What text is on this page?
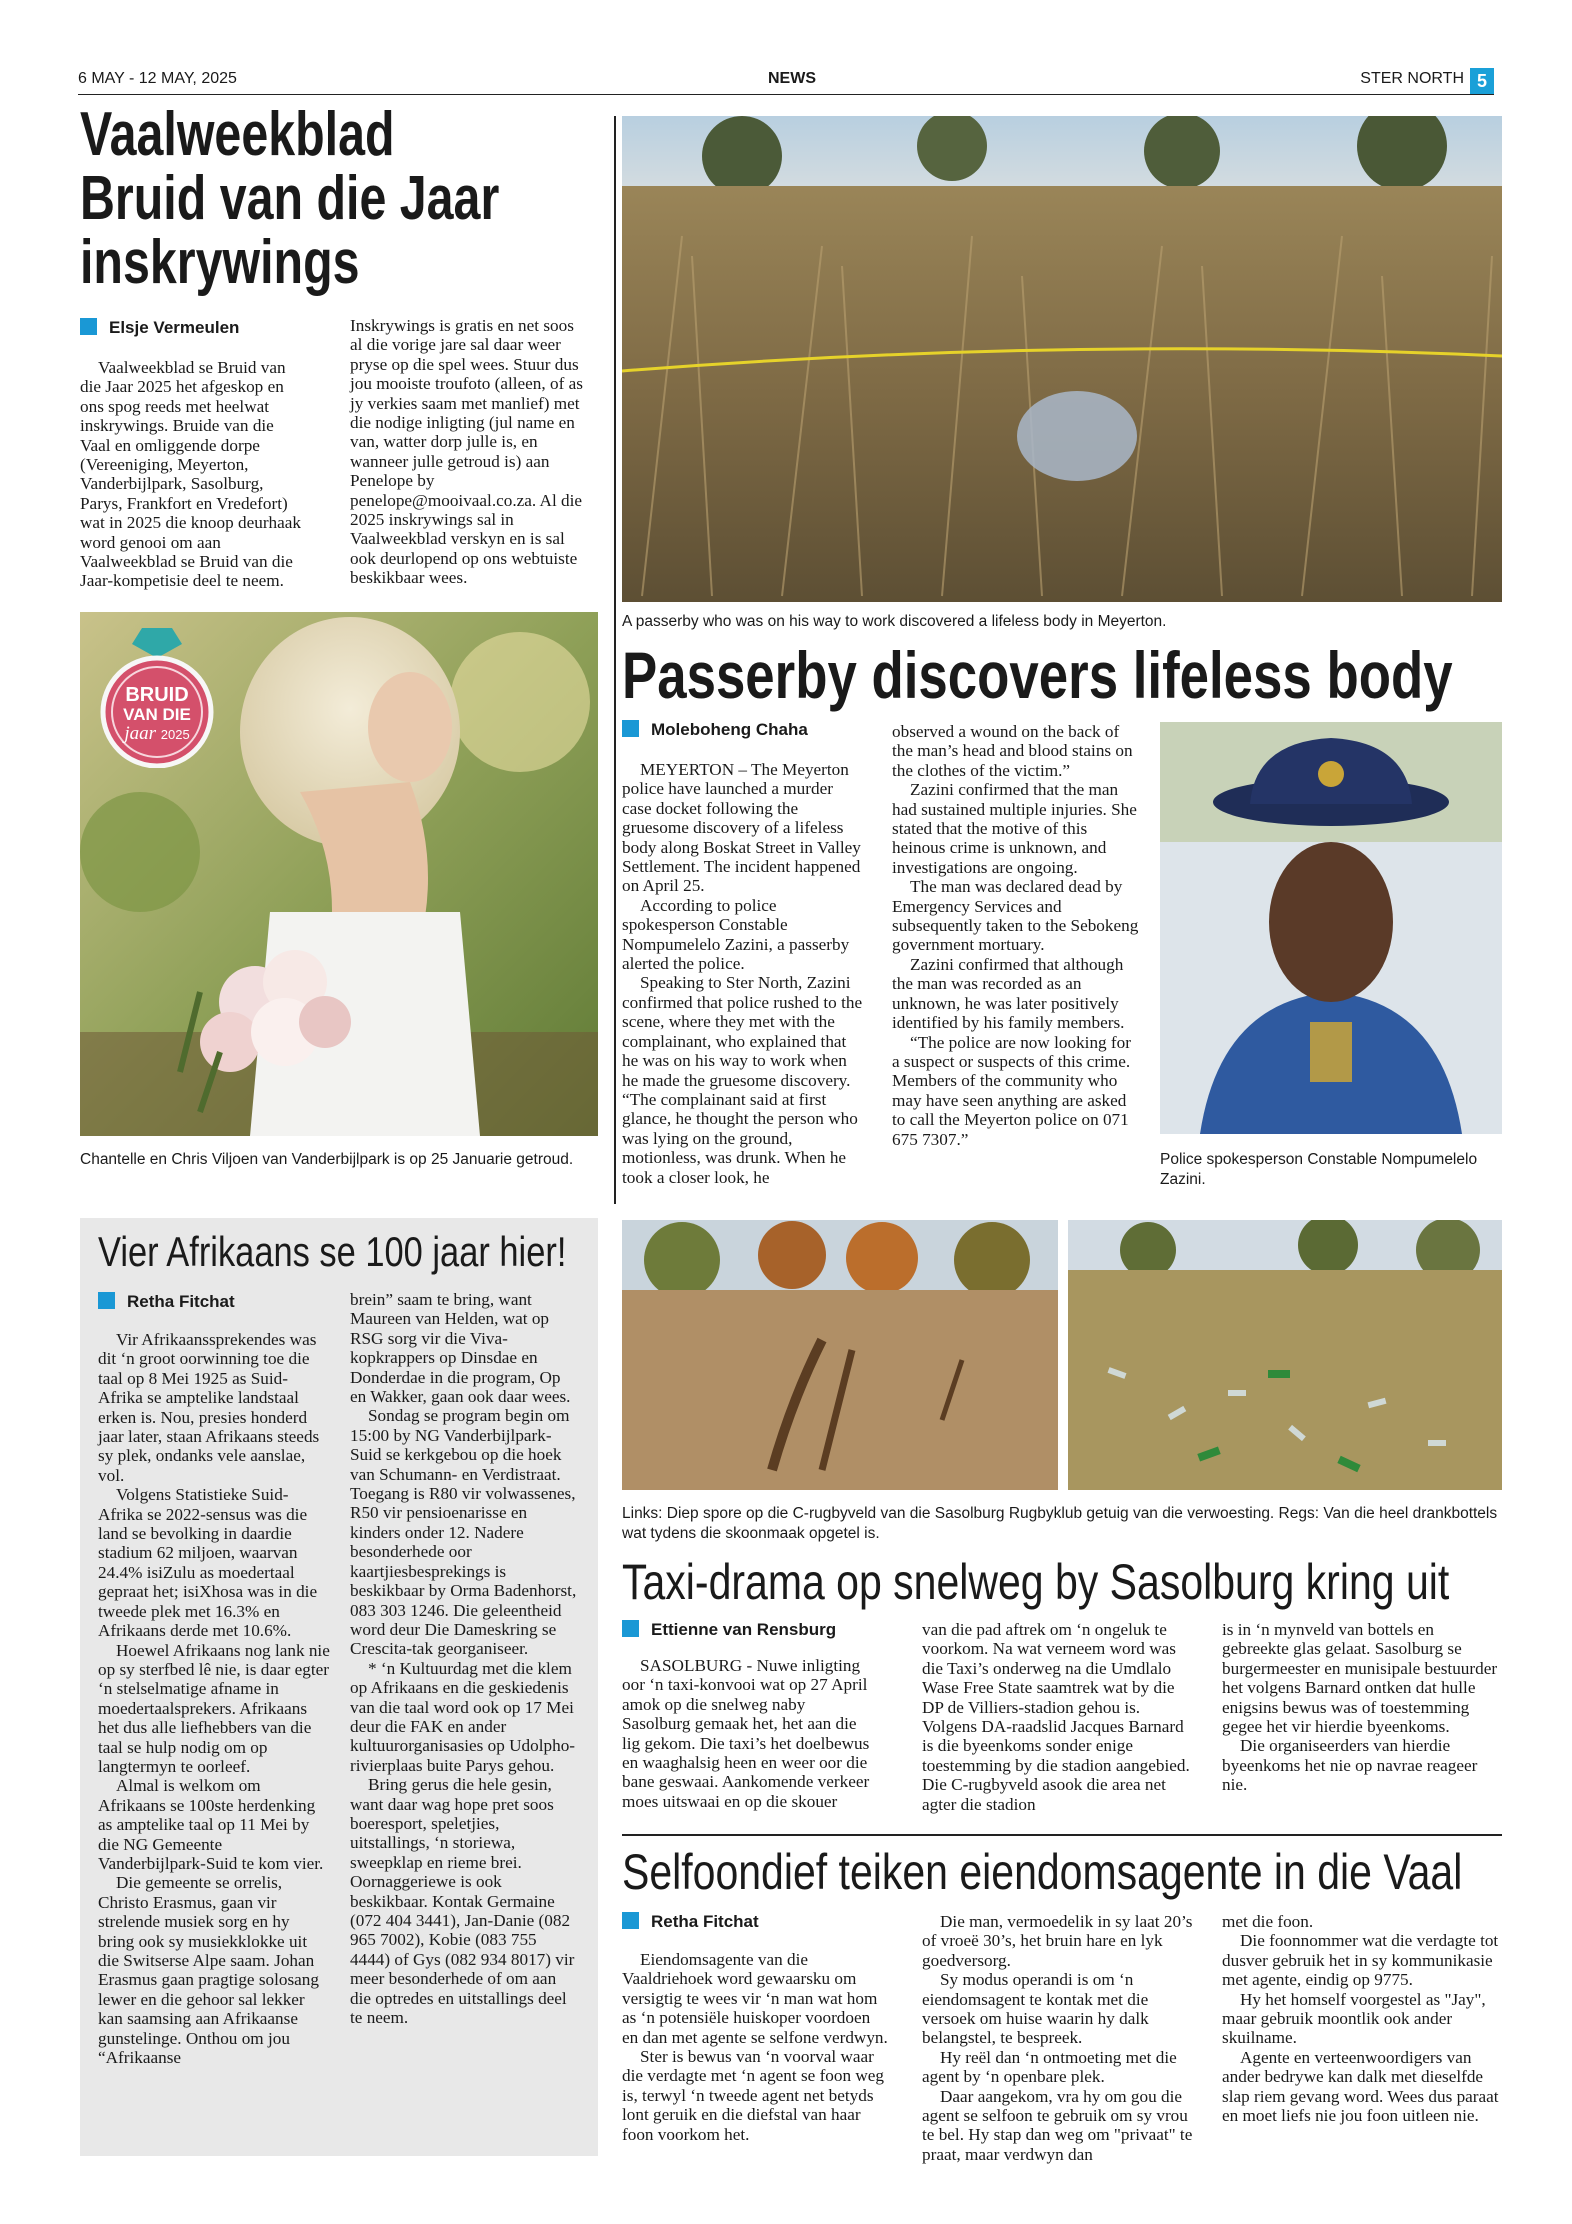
6 MAY - 12 MAY, 2025	NEWS	STER NORTH 5
Vaalweekblad
Bruid van die Jaar
inskrywings
Elsje Vermeulen

Vaalweekblad se Bruid van die Jaar 2025 het afgeskop en ons spog reeds met heelwat inskrywings. Bruide van die Vaal en omliggende dorpe (Vereeniging, Meyerton, Vanderbijlpark, Sasolburg, Parys, Frankfort en Vredefort) wat in 2025 die knoop deurhaak word genooi om aan Vaalweekblad se Bruid van die Jaar-kompetisie deel te neem.

Inskrywings is gratis en net soos al die vorige jare sal daar weer pryse op die spel wees. Stuur dus jou mooiste troufoto (alleen, of as jy verkies saam met manlief) met die nodige inligting (jul name en van, watter dorp julle is, en wanneer julle getroud is) aan Penelope by penelope@mooivaal.co.za. Al die 2025 inskrywings sal in Vaalweekblad verskyn en is sal ook deurlopend op ons webtuiste beskikbaar wees.

BRUID
VAN DIE
jaar 2025
Chantelle en Chris Viljoen van Vanderbijlpark is op 25 Januarie getroud.
A passerby who was on his way to work discovered a lifeless body in Meyerton.
Passerby discovers lifeless body
Moleboheng Chaha

MEYERTON – The Meyerton police have launched a murder case docket following the gruesome discovery of a lifeless body along Boskat Street in Valley Settlement. The incident happened on April 25.

According to police spokesperson Constable Nompumelelo Zazini, a passerby alerted the police.

Speaking to Ster North, Zazini confirmed that police rushed to the scene, where they met with the complainant, who explained that he was on his way to work when he made the gruesome discovery. “The complainant said at first glance, he thought the person who was lying on the ground, motionless, was drunk. When he took a closer look, he

observed a wound on the back of the man’s head and blood stains on the clothes of the victim.”

Zazini confirmed that the man had sustained multiple injuries. She stated that the motive of this heinous crime is unknown, and investigations are ongoing.

The man was declared dead by Emergency Services and subsequently taken to the Sebokeng government mortuary.

Zazini confirmed that although the man was recorded as an unknown, he was later positively identified by his family members.

“The police are now looking for a suspect or suspects of this crime. Members of the community who may have seen anything are asked to call the Meyerton police on 071 675 7307.”

Police spokesperson Constable Nompumelelo Zazini.
Vier Afrikaans se 100 jaar hier!
Retha Fitchat

Vir Afrikaanssprekendes was dit ‘n groot oorwinning toe die taal op 8 Mei 1925 as Suid-Afrika se amptelike landstaal erken is. Nou, presies honderd jaar later, staan Afrikaans steeds sy plek, ondanks vele aanslae, vol.

Volgens Statistieke Suid-Afrika se 2022-sensus was die land se bevolking in daardie stadium 62 miljoen, waarvan 24.4% isiZulu as moedertaal gepraat het; isiXhosa was in die tweede plek met 16.3% en Afrikaans derde met 10.6%.

Hoewel Afrikaans nog lank nie op sy sterfbed lê nie, is daar egter ‘n stelselmatige afname in moedertaalsprekers. Afrikaans het dus alle liefhebbers van die taal se hulp nodig om op langtermyn te oorleef.

Almal is welkom om Afrikaans se 100ste herdenking as amptelike taal op 11 Mei by die NG Gemeente Vanderbijlpark-Suid te kom vier.

Die gemeente se orrelis, Christo Erasmus, gaan vir strelende musiek sorg en hy bring ook sy musiekklokke uit die Switserse Alpe saam. Johan Erasmus gaan pragtige solosang lewer en die gehoor sal lekker kan saamsing aan Afrikaanse gunstelinge. Onthou om jou “Afrikaanse

brein” saam te bring, want Maureen van Helden, wat op RSG sorg vir die Viva-kopkrappers op Dinsdae en Donderdae in die program, Op en Wakker, gaan ook daar wees.

Sondag se program begin om 15:00 by NG Vanderbijlpark-Suid se kerkgebou op die hoek van Schumann- en Verdistraat. Toegang is R80 vir volwassenes, R50 vir pensioenarisse en kinders onder 12. Nadere besonderhede oor kaartjiesbesprekings is beskikbaar by Orma Badenhorst, 083 303 1246. Die geleentheid word deur Die Dameskring se Crescita-tak georganiseer.

* ‘n Kultuurdag met die klem op Afrikaans en die geskiedenis van die taal word ook op 17 Mei deur die FAK en ander kultuurorganisasies op Udolpho-rivierplaas buite Parys gehou.

Bring gerus die hele gesin, want daar wag hope pret soos boeresport, speletjies, uitstallings, ‘n storiewa, sweepklap en rieme brei. Oornaggeriewe is ook beskikbaar. Kontak Germaine (072 404 3441), Jan-Danie (082 965 7002), Kobie (083 755 4444) of Gys (082 934 8017) vir meer besonderhede of om aan die optredes en uitstallings deel te neem.

Links: Diep spore op die C-rugbyveld van die Sasolburg Rugbyklub getuig van die verwoesting. Regs: Van die heel drankbottels wat tydens die skoonmaak opgetel is.
Taxi-drama op snelweg by Sasolburg kring uit
Ettienne van Rensburg

SASOLBURG - Nuwe inligting oor ‘n taxi-konvooi wat op 27 April amok op die snelweg naby Sasolburg gemaak het, het aan die lig gekom. Die taxi’s het doelbewus en waaghalsig heen en weer oor die bane geswaai. Aankomende verkeer moes uitswaai en op die skouer

van die pad aftrek om ‘n ongeluk te voorkom. Na wat verneem word was die Taxi’s onderweg na die Umdlalo Wase Free State saamtrek wat by die DP de Villiers-stadion gehou is. Volgens DA-raadslid Jacques Barnard is die byeenkoms sonder enige toestemming by die stadion aangebied. Die C-rugbyveld asook die area net agter die stadion

is in ‘n mynveld van bottels en gebreekte glas gelaat. Sasolburg se burgermeester en munisipale bestuurder het volgens Barnard ontken dat hulle enigsins bewus was of toestemming gegee het vir hierdie byeenkoms.

Die organiseerders van hierdie byeenkoms het nie op navrae reageer nie.

Selfoondief teiken eiendomsagente in die Vaal
Retha Fitchat

Eiendomsagente van die Vaaldriehoek word gewaarsku om versigtig te wees vir ‘n man wat hom as ‘n potensiële huiskoper voordoen en dan met agente se selfone verdwyn.

Ster is bewus van ‘n voorval waar die verdagte met ‘n agent se foon weg is, terwyl ‘n tweede agent net betyds lont geruik en die diefstal van haar foon voorkom het.

Die man, vermoedelik in sy laat 20’s of vroeë 30’s, het bruin hare en lyk goedversorg.

Sy modus operandi is om ‘n eiendomsagent te kontak met die versoek om huise waarin hy dalk belangstel, te bespreek.

Hy reël dan ‘n ontmoeting met die agent by ‘n openbare plek.

Daar aangekom, vra hy om gou die agent se selfoon te gebruik om sy vrou te bel. Hy stap dan weg om "privaat" te praat, maar verdwyn dan

met die foon.

Die foonnommer wat die verdagte tot dusver gebruik het in sy kommunikasie met agente, eindig op 9775.

Hy het homself voorgestel as "Jay", maar gebruik moontlik ook ander skuilname.

Agente en verteenwoordigers van ander bedrywe kan dalk met dieselfde slap riem gevang word. Wees dus paraat en moet liefs nie jou foon uitleen nie.
